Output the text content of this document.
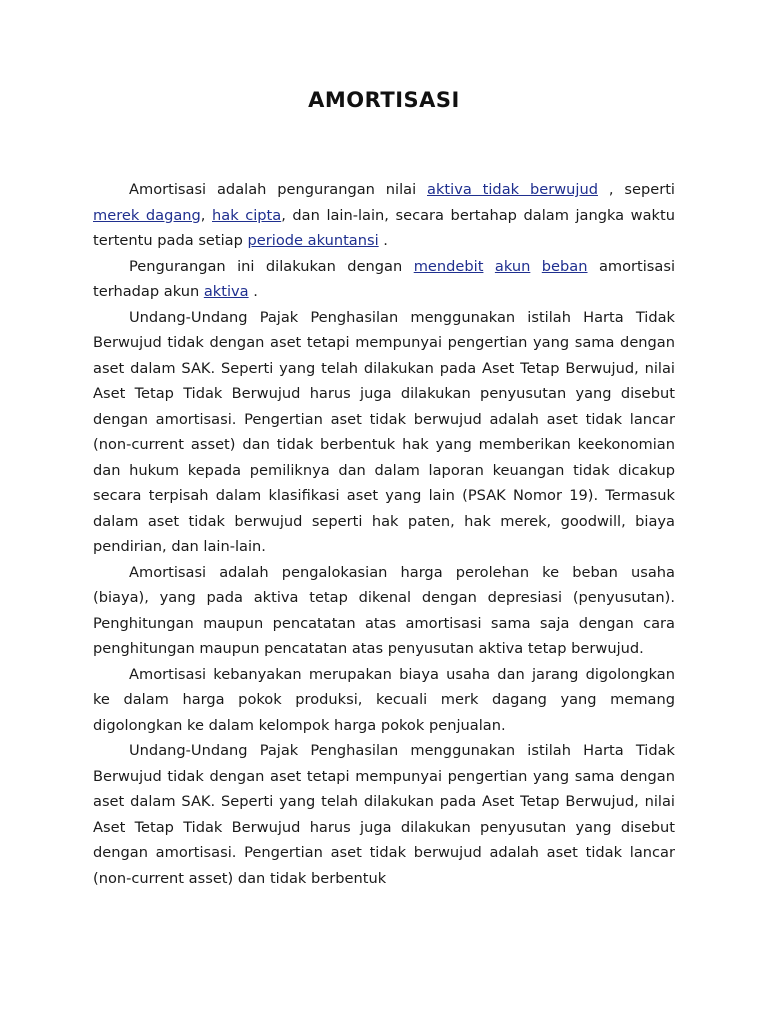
AMORTISASI

Amortisasi adalah pengurangan nilai aktiva tidak berwujud , seperti merek dagang, hak cipta, dan lain-lain, secara bertahap dalam jangka waktu tertentu pada setiap periode akuntansi .

Pengurangan ini dilakukan dengan mendebit akun beban amortisasi terhadap akun aktiva .

Undang-Undang Pajak Penghasilan menggunakan istilah Harta Tidak Berwujud tidak dengan aset tetapi mempunyai pengertian yang sama dengan aset dalam SAK. Seperti yang telah dilakukan pada Aset Tetap Berwujud, nilai Aset Tetap Tidak Berwujud harus juga dilakukan penyusutan yang disebut dengan amortisasi. Pengertian aset tidak berwujud adalah aset tidak lancar (non-current asset) dan tidak berbentuk hak yang memberikan keekonomian dan hukum kepada pemiliknya dan dalam laporan keuangan tidak dicakup secara terpisah dalam klasifikasi aset yang lain (PSAK Nomor 19). Termasuk dalam aset tidak berwujud seperti hak paten, hak merek, goodwill, biaya pendirian, dan lain-lain.

Amortisasi adalah pengalokasian harga perolehan ke beban usaha (biaya), yang pada aktiva tetap dikenal dengan depresiasi (penyusutan). Penghitungan maupun pencatatan atas amortisasi sama saja dengan cara penghitungan maupun pencatatan atas penyusutan aktiva tetap berwujud.

Amortisasi kebanyakan merupakan biaya usaha dan jarang digolongkan ke dalam harga pokok produksi, kecuali merk dagang yang memang digolongkan ke dalam kelompok harga pokok penjualan.

Undang-Undang Pajak Penghasilan menggunakan istilah Harta Tidak Berwujud tidak dengan aset tetapi mempunyai pengertian yang sama dengan aset dalam SAK. Seperti yang telah dilakukan pada Aset Tetap Berwujud, nilai Aset Tetap Tidak Berwujud harus juga dilakukan penyusutan yang disebut dengan amortisasi. Pengertian aset tidak berwujud adalah aset tidak lancar (non-current asset) dan tidak berbentuk
